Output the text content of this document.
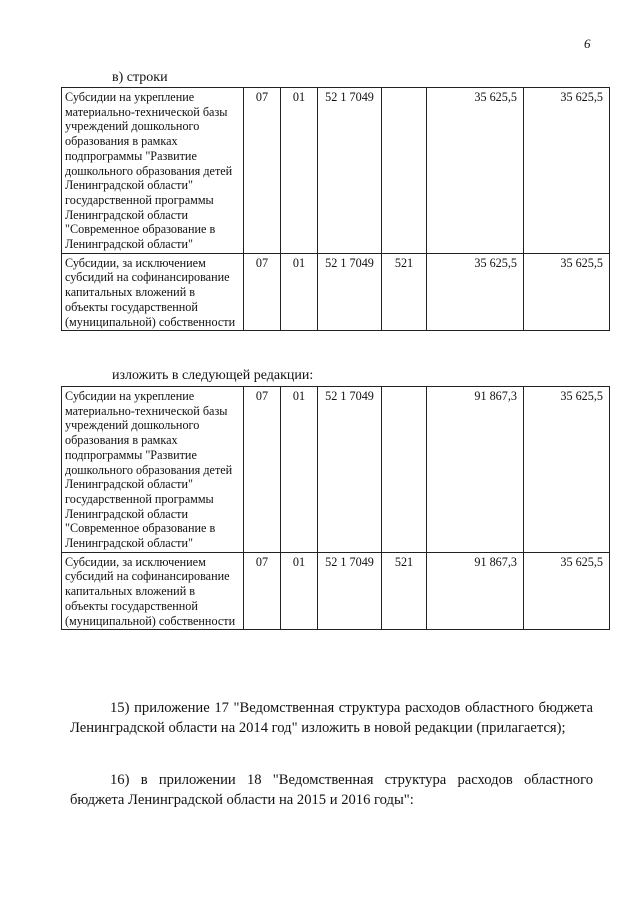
6
в) строки
Субсидии на укрепление материально-технической базы учреждений дошкольного образования в рамках подпрограммы "Развитие дошкольного образования детей Ленинградской области" государственной программы Ленинградской области "Современное образование в Ленинградской области"	07	01	52 1 7049		35 625,5	35 625,5
Субсидии, за исключением субсидий на софинансирование капитальных вложений в объекты государственной (муниципальной) собственности	07	01	52 1 7049	521	35 625,5	35 625,5
изложить в следующей редакции:
Субсидии на укрепление материально-технической базы учреждений дошкольного образования в рамках подпрограммы "Развитие дошкольного образования детей Ленинградской области" государственной программы Ленинградской области "Современное образование в Ленинградской области"	07	01	52 1 7049		91 867,3	35 625,5
Субсидии, за исключением субсидий на софинансирование капитальных вложений в объекты государственной (муниципальной) собственности	07	01	52 1 7049	521	91 867,3	35 625,5

15) приложение 17 "Ведомственная структура расходов областного бюджета Ленинградской области на 2014 год" изложить в новой редакции (прилагается);

16) в приложении 18 "Ведомственная структура расходов областного бюджета Ленинградской области на 2015 и 2016 годы":
